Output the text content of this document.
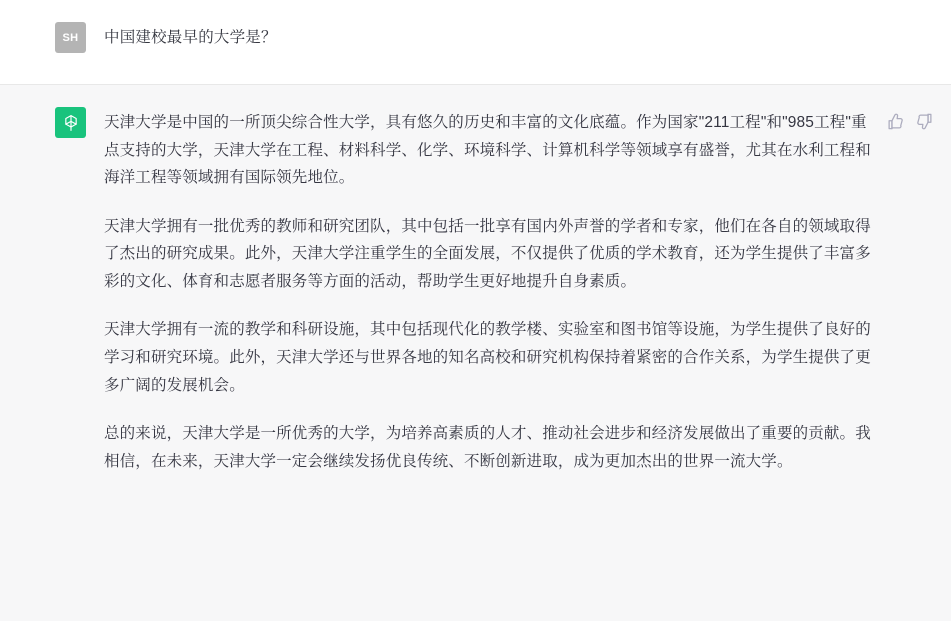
SH	中国建校最早的大学是？

天津大学是中国的一所顶尖综合性大学，具有悠久的历史和丰富的文化底蕴。作为国家"211工程"和"985工程"重点支持的大学，天津大学在工程、材料科学、化学、环境科学、计算机科学等领域享有盛誉，尤其在水利工程和海洋工程等领域拥有国际领先地位。

天津大学拥有一批优秀的教师和研究团队，其中包括一批享有国内外声誉的学者和专家，他们在各自的领域取得了杰出的研究成果。此外，天津大学注重学生的全面发展，不仅提供了优质的学术教育，还为学生提供了丰富多彩的文化、体育和志愿者服务等方面的活动，帮助学生更好地提升自身素质。

天津大学拥有一流的教学和科研设施，其中包括现代化的教学楼、实验室和图书馆等设施，为学生提供了良好的学习和研究环境。此外，天津大学还与世界各地的知名高校和研究机构保持着紧密的合作关系，为学生提供了更多广阔的发展机会。

总的来说，天津大学是一所优秀的大学，为培养高素质的人才、推动社会进步和经济发展做出了重要的贡献。我相信，在未来，天津大学一定会继续发扬优良传统、不断创新进取，成为更加杰出的世界一流大学。
